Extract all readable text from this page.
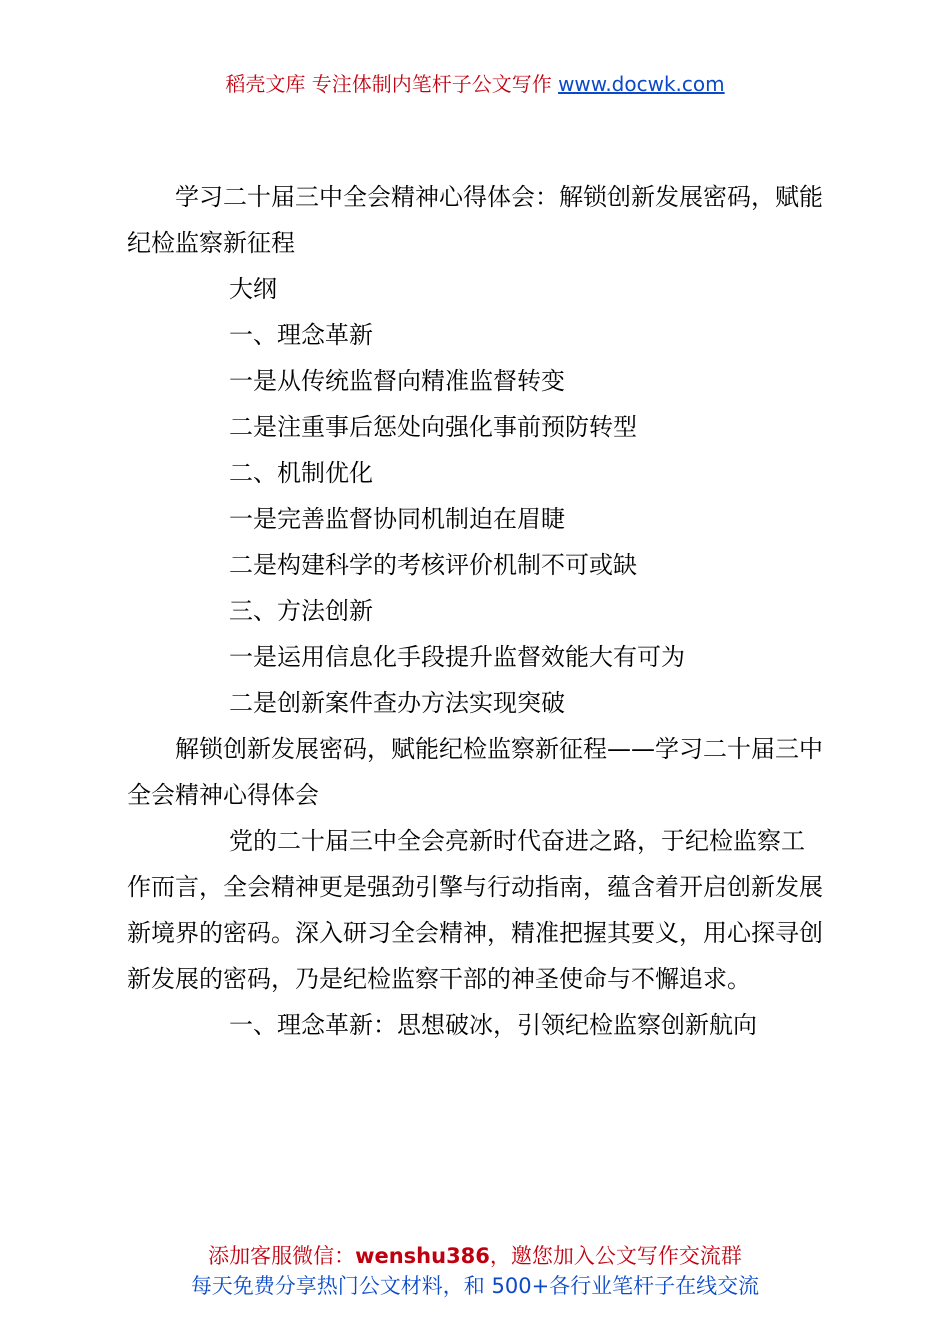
稻壳文库 专注体制内笔杆子公文写作 www.docwk.com

学习二十届三中全会精神心得体会：解锁创新发展密码，赋能纪检监察新征程

大纲

一、理念革新

一是从传统监督向精准监督转变

二是注重事后惩处向强化事前预防转型

二、机制优化

一是完善监督协同机制迫在眉睫

二是构建科学的考核评价机制不可或缺

三、方法创新

一是运用信息化手段提升监督效能大有可为

二是创新案件查办方法实现突破

解锁创新发展密码，赋能纪检监察新征程——学习二十届三中全会精神心得体会

党的二十届三中全会亮新时代奋进之路，于纪检监察工作而言，全会精神更是强劲引擎与行动指南，蕴含着开启创新发展新境界的密码。深入研习全会精神，精准把握其要义，用心探寻创新发展的密码，乃是纪检监察干部的神圣使命与不懈追求。

一、理念革新：思想破冰，引领纪检监察创新航向

添加客服微信：wenshu386，邀您加入公文写作交流群
每天免费分享热门公文材料，和 500+各行业笔杆子在线交流
